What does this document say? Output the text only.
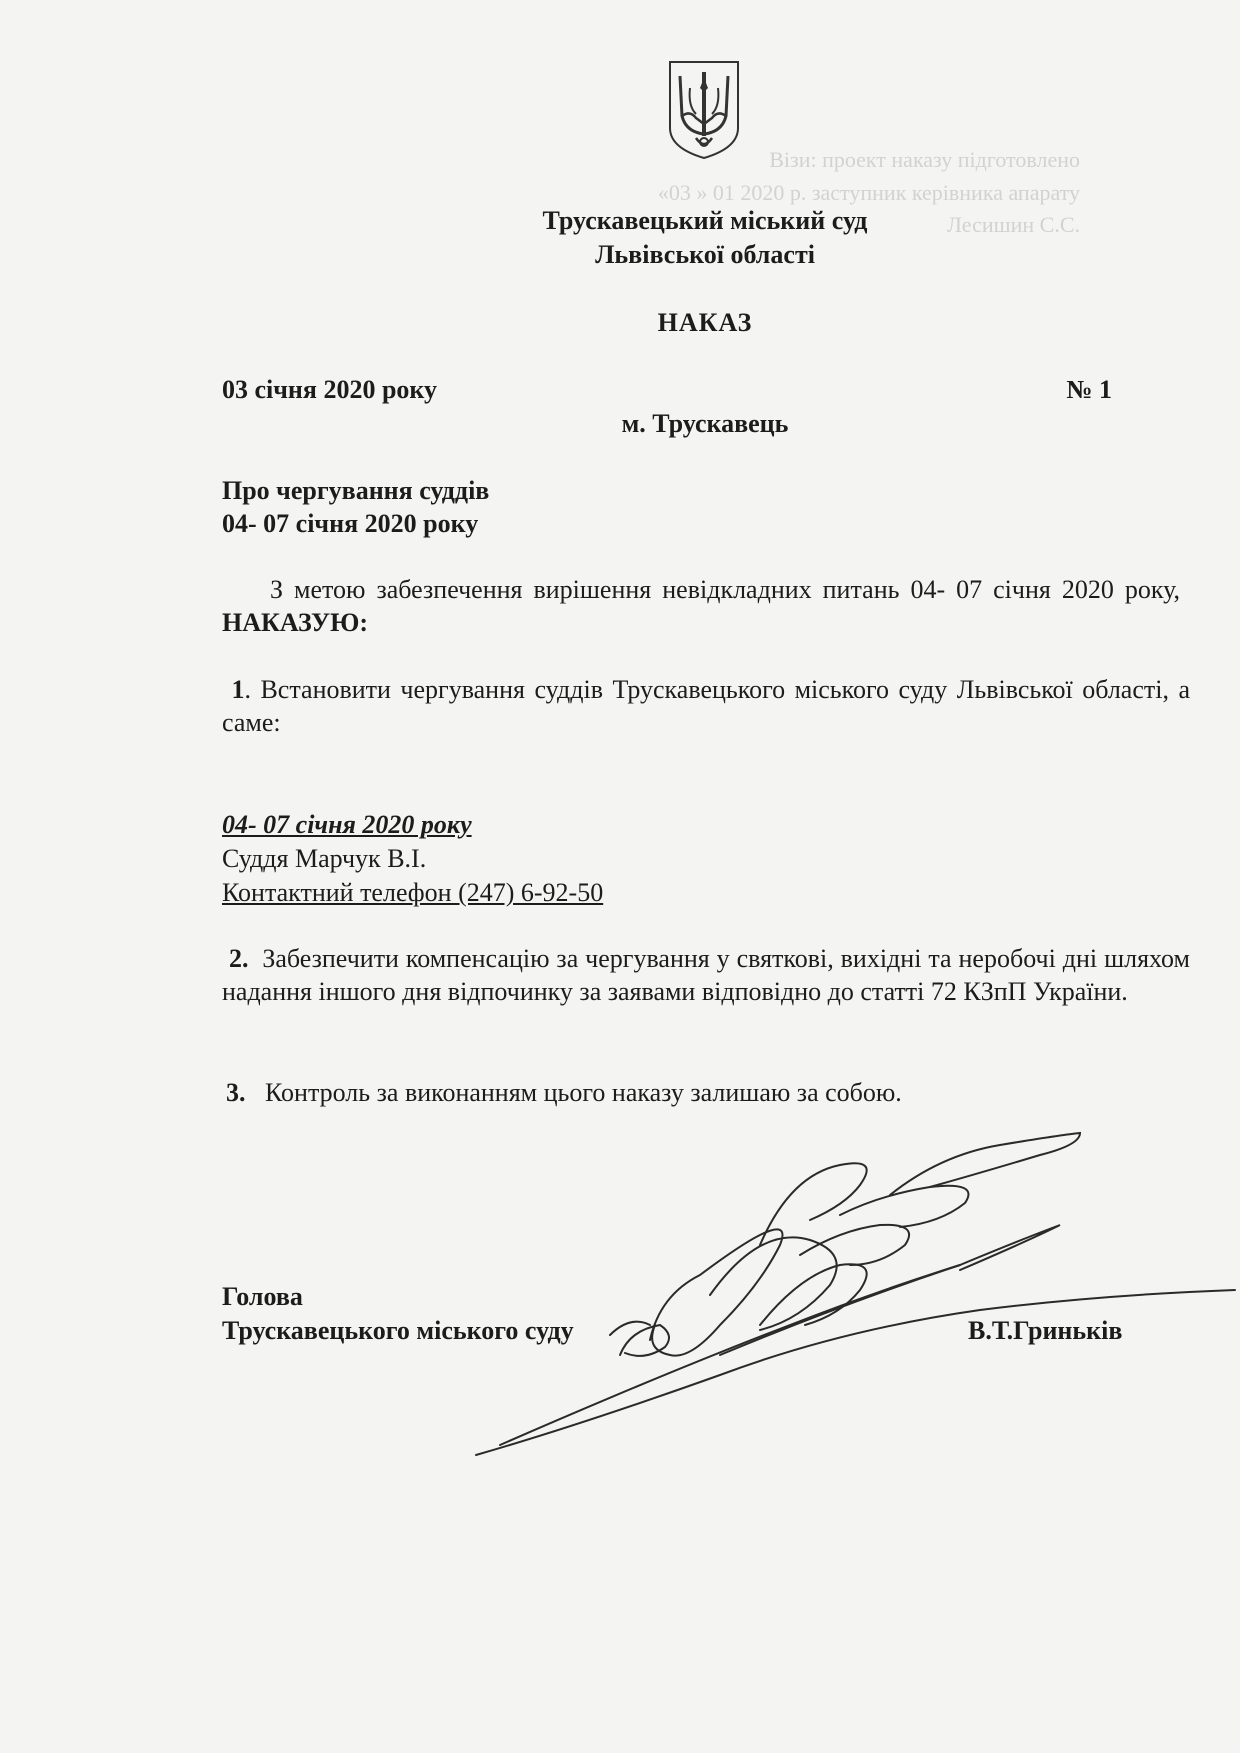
Візи: проект наказу підготовлено
«03 » 01 2020 р. заступник керівника апарату
Лесишин С.С.
Трускавецький міський суд
Львівської області
НАКАЗ
03 січня 2020 року	№ 1
м. Трускавець
Про чергування суддів
04- 07 січня 2020 року
З метою забезпечення вирішення невідкладних питань 04- 07 січня 2020 року, НАКАЗУЮ:
1. Встановити чергування суддів Трускавецького міського суду Львівської області, а саме:
04- 07 січня 2020 року
Суддя Марчук В.І.
Контактний телефон (247) 6-92-50
2. Забезпечити компенсацію за чергування у святкові, вихідні та неробочі дні шляхом надання іншого дня відпочинку за заявами відповідно до статті 72 КЗпП України.

3. Контроль за виконанням цього наказу залишаю за собою.
Голова
Трускавецького міського суду	В.Т.Гриньків
